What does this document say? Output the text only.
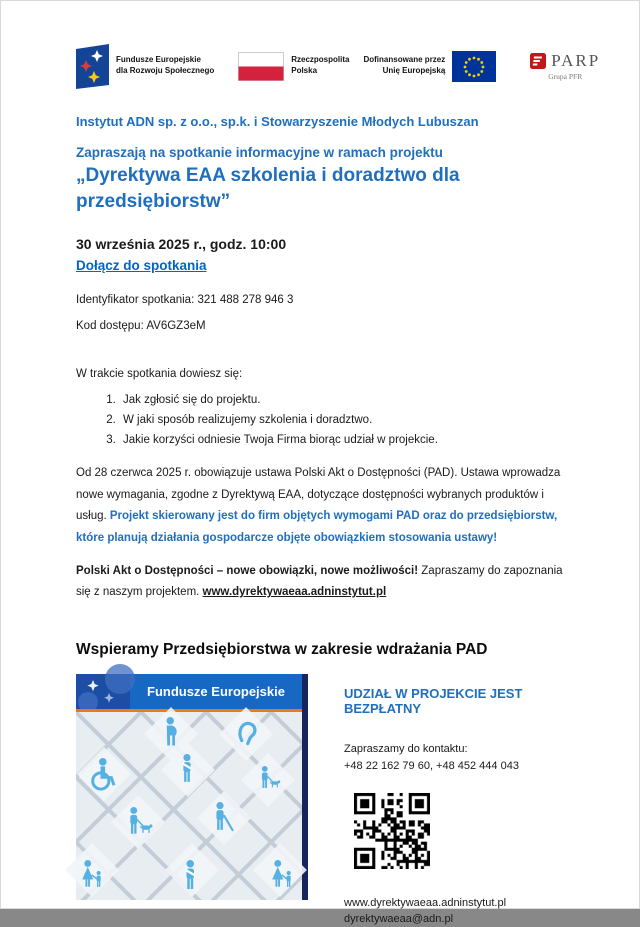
Fundusze Europejskie
dla Rozwoju Społecznego
Rzeczpospolita
Polska
Dofinansowane przez
Unię Europejską
PARP
Grupa PFR
Instytut ADN sp. z o.o., sp.k. i Stowarzyszenie Młodych Lubuszan
Zapraszają na spotkanie informacyjne w ramach projektu
„Dyrektywa EAA szkolenia i doradztwo dla przedsiębiorstw”
30 września 2025 r., godz. 10:00
Dołącz do spotkania
Identyfikator spotkania: 321 488 278 946 3
Kod dostępu: AV6GZ3eM
W trakcie spotkania dowiesz się:
1. Jak zgłosić się do projektu.
2. W jaki sposób realizujemy szkolenia i doradztwo.
3. Jakie korzyści odniesie Twoja Firma biorąc udział w projekcie.

Od 28 czerwca 2025 r. obowiązuje ustawa Polski Akt o Dostępności (PAD). Ustawa wprowadza nowe wymagania, zgodne z Dyrektywą EAA, dotyczące dostępności wybranych produktów i usług. Projekt skierowany jest do firm objętych wymogami PAD oraz do przedsiębiorstw, które planują działania gospodarcze objęte obowiązkiem stosowania ustawy!

Polski Akt o Dostępności – nowe obowiązki, nowe możliwości! Zapraszamy do zapoznania się z naszym projektem. www.dyrektywaeaa.adninstytut.pl

Wspieramy Przedsiębiorstwa w zakresie wdrażania PAD
Fundusze Europejskie	UDZIAŁ W PROJEKCIE JEST BEZPŁATNY
Zapraszamy do kontaktu:
+48 22 162 79 60, +48 452 444 043
www.dyrektywaeaa.adninstytut.pl
dyrektywaeaa@adn.pl
